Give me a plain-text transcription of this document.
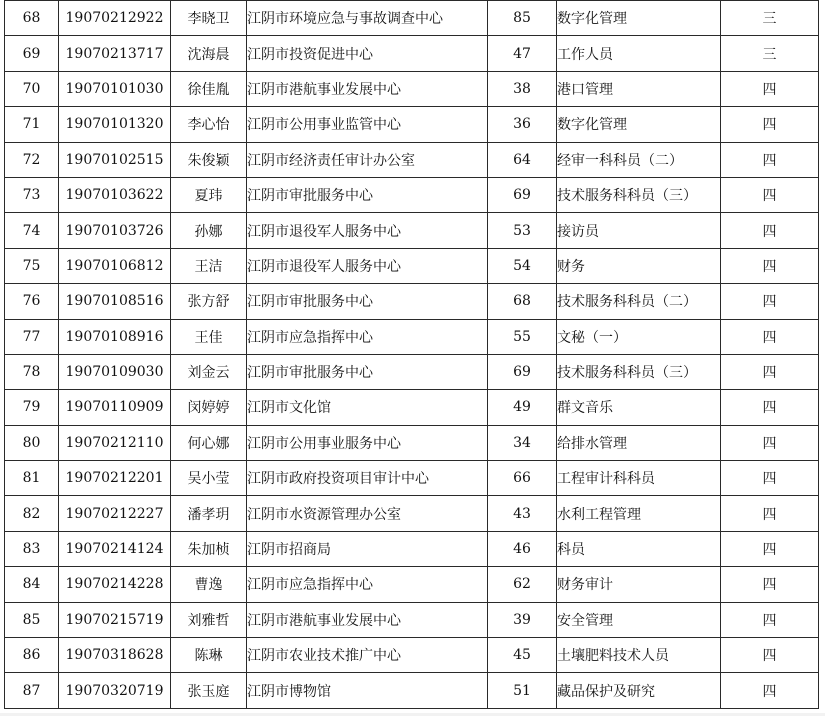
68	19070212922	李晓卫	江阴市环境应急与事故调查中心	85	数字化管理	三
69	19070213717	沈海晨	江阴市投资促进中心	47	工作人员	三
70	19070101030	徐佳胤	江阴市港航事业发展中心	38	港口管理	四
71	19070101320	李心怡	江阴市公用事业监管中心	36	数字化管理	四
72	19070102515	朱俊颖	江阴市经济责任审计办公室	64	经审一科科员（二）	四
73	19070103622	夏玮	江阴市审批服务中心	69	技术服务科科员（三）	四
74	19070103726	孙娜	江阴市退役军人服务中心	53	接访员	四
75	19070106812	王洁	江阴市退役军人服务中心	54	财务	四
76	19070108516	张方舒	江阴市审批服务中心	68	技术服务科科员（二）	四
77	19070108916	王佳	江阴市应急指挥中心	55	文秘（一）	四
78	19070109030	刘金云	江阴市审批服务中心	69	技术服务科科员（三）	四
79	19070110909	闵婷婷	江阴市文化馆	49	群文音乐	四
80	19070212110	何心娜	江阴市公用事业服务中心	34	给排水管理	四
81	19070212201	吴小莹	江阴市政府投资项目审计中心	66	工程审计科科员	四
82	19070212227	潘孝玥	江阴市水资源管理办公室	43	水利工程管理	四
83	19070214124	朱加桢	江阴市招商局	46	科员	四
84	19070214228	曹逸	江阴市应急指挥中心	62	财务审计	四
85	19070215719	刘雅哲	江阴市港航事业发展中心	39	安全管理	四
86	19070318628	陈琳	江阴市农业技术推广中心	45	土壤肥料技术人员	四
87	19070320719	张玉庭	江阴市博物馆	51	藏品保护及研究	四
